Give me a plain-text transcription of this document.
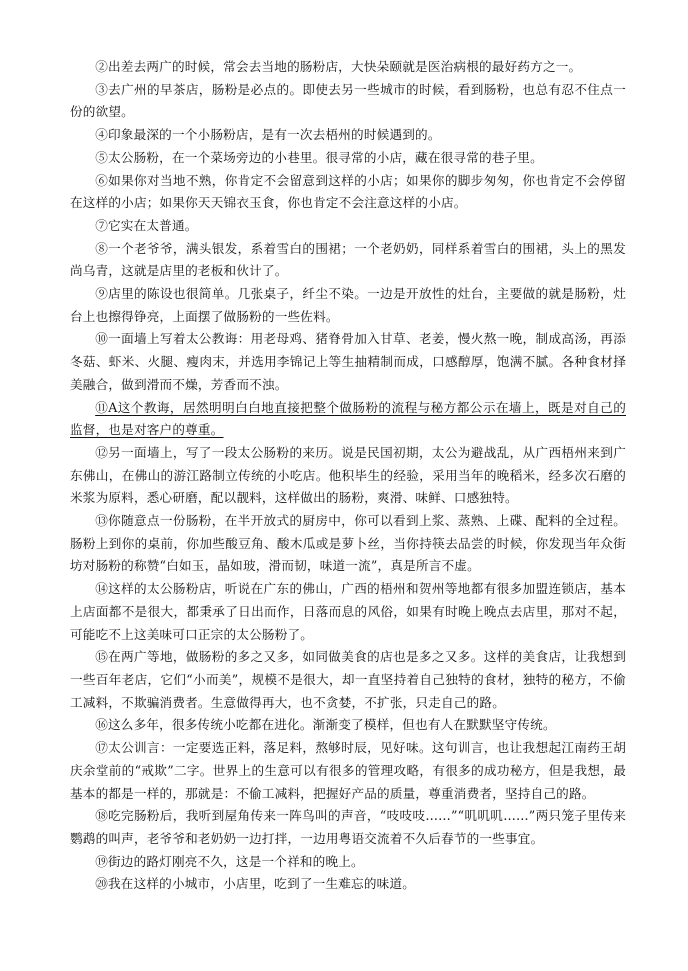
②出差去两广的时候，常会去当地的肠粉店，大快朵颐就是医治病根的最好药方之一。

③去广州的早茶店，肠粉是必点的。即使去另一些城市的时候，看到肠粉，也总有忍不住点一份的欲望。

④印象最深的一个小肠粉店，是有一次去梧州的时候遇到的。

⑤太公肠粉，在一个菜场旁边的小巷里。很寻常的小店，藏在很寻常的巷子里。

⑥如果你对当地不熟，你肯定不会留意到这样的小店；如果你的脚步匆匆，你也肯定不会停留在这样的小店；如果你天天锦衣玉食，你也肯定不会注意这样的小店。

⑦它实在太普通。

⑧一个老爷爷，满头银发，系着雪白的围裙；一个老奶奶，同样系着雪白的围裙，头上的黑发尚乌青，这就是店里的老板和伙计了。

⑨店里的陈设也很简单。几张桌子，纤尘不染。一边是开放性的灶台，主要做的就是肠粉，灶台上也擦得铮亮，上面摆了做肠粉的一些佐料。

⑩一面墙上写着太公教诲：用老母鸡、猪脊骨加入甘草、老姜，慢火熬一晚，制成高汤，再添冬菇、虾米、火腿、瘦肉末，并选用李锦记上等生抽精制而成，口感醇厚，饱满不腻。各种食材择美融合，做到滑而不燥，芳香而不浊。

⑪A这个教诲，居然明明白白地直接把整个做肠粉的流程与秘方都公示在墙上，既是对自己的监督，也是对客户的尊重。

⑫另一面墙上，写了一段太公肠粉的来历。说是民国初期，太公为避战乱，从广西梧州来到广东佛山，在佛山的游江路制立传统的小吃店。他积毕生的经验，采用当年的晚稻米，经多次石磨的米浆为原料，悉心研磨，配以靓料，这样做出的肠粉，爽滑、味鲜、口感独特。

⑬你随意点一份肠粉，在半开放式的厨房中，你可以看到上浆、蒸熟、上碟、配料的全过程。肠粉上到你的桌前，你加些酸豆角、酸木瓜或是萝卜丝，当你持筷去品尝的时候，你发现当年众街坊对肠粉的称赞“白如玉，晶如玻，滑而韧，味道一流”，真是所言不虚。

⑭这样的太公肠粉店，听说在广东的佛山，广西的梧州和贺州等地都有很多加盟连锁店，基本上店面都不是很大，都秉承了日出而作，日落而息的风俗，如果有时晚上晚点去店里，那对不起，可能吃不上这美味可口正宗的太公肠粉了。

⑮在两广等地，做肠粉的多之又多，如同做美食的店也是多之又多。这样的美食店，让我想到一些百年老店，它们“小而美”，规模不是很大，却一直坚持着自己独特的食材，独特的秘方，不偷工减料，不欺骗消费者。生意做得再大，也不贪婪，不扩张，只走自己的路。

⑯这么多年，很多传统小吃都在进化。渐渐变了模样，但也有人在默默坚守传统。

⑰太公训言：一定要选正料，落足料，熬够时辰，见好味。这句训言，也让我想起江南药王胡庆余堂前的“戒欺”二字。世界上的生意可以有很多的管理攻略，有很多的成功秘方，但是我想，最基本的都是一样的，那就是：不偷工减料，把握好产品的质量，尊重消费者，坚持自己的路。

⑱吃完肠粉后，我听到屋角传来一阵鸟叫的声音，“吱吱吱……”“叽叽叽……”两只笼子里传来鹦鹉的叫声，老爷爷和老奶奶一边打拌，一边用粤语交流着不久后春节的一些事宜。

⑲街边的路灯刚亮不久，这是一个祥和的晚上。

⑳我在这样的小城市，小店里，吃到了一生难忘的味道。
